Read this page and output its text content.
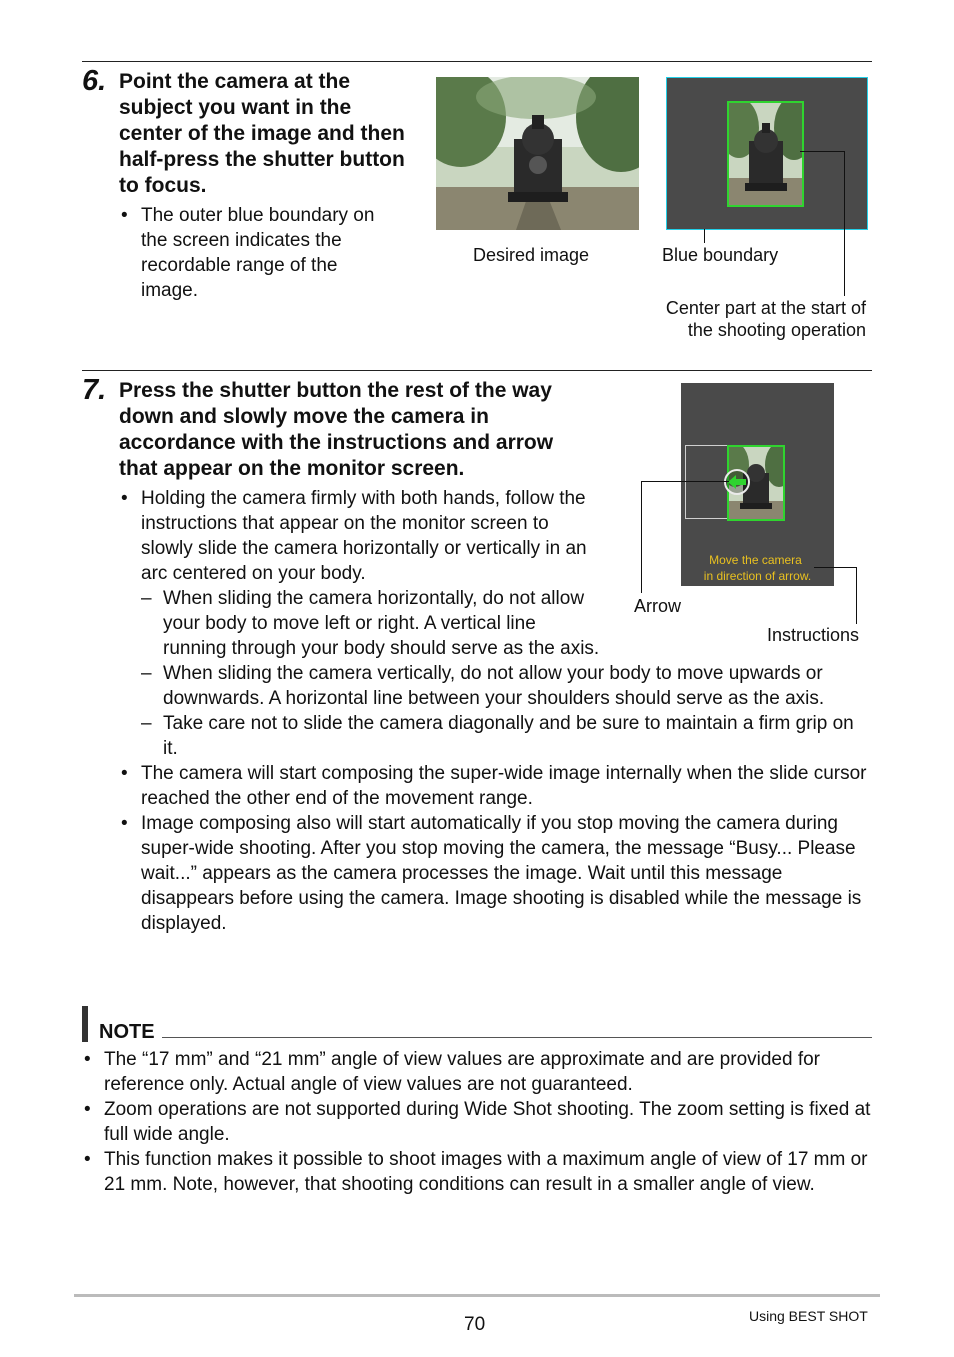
6. Point the camera at the subject you want in the center of the image and then half-press the shutter button to focus.

• The outer blue boundary on the screen indicates the recordable range of the image.
Desired image	Blue boundary
Center part at the start of
the shooting operation
7. Press the shutter button the rest of the way down and slowly move the camera in accordance with the instructions and arrow that appear on the monitor screen.

• Holding the camera firmly with both hands, follow the instructions that appear on the monitor screen to slowly slide the camera horizontally or vertically in an arc centered on your body.
– When sliding the camera horizontally, do not allow your body to move left or right. A vertical line running through your body should serve as the axis.
– When sliding the camera vertically, do not allow your body to move upwards or downwards. A horizontal line between your shoulders should serve as the axis.
– Take care not to slide the camera diagonally and be sure to maintain a firm grip on it.
• The camera will start composing the super-wide image internally when the slide cursor reached the other end of the movement range.
• Image composing also will start automatically if you stop moving the camera during super-wide shooting. After you stop moving the camera, the message “Busy... Please wait...” appears as the camera processes the image. Wait until this message disappears before using the camera. Image shooting is disabled while the message is displayed.
Move the camera
in direction of arrow.
Arrow
Instructions
NOTE
• The “17 mm” and “21 mm” angle of view values are approximate and are provided for reference only. Actual angle of view values are not guaranteed.
• Zoom operations are not supported during Wide Shot shooting. The zoom setting is fixed at full wide angle.
• This function makes it possible to shoot images with a maximum angle of view of 17 mm or 21 mm. Note, however, that shooting conditions can result in a smaller angle of view.
70	Using BEST SHOT
